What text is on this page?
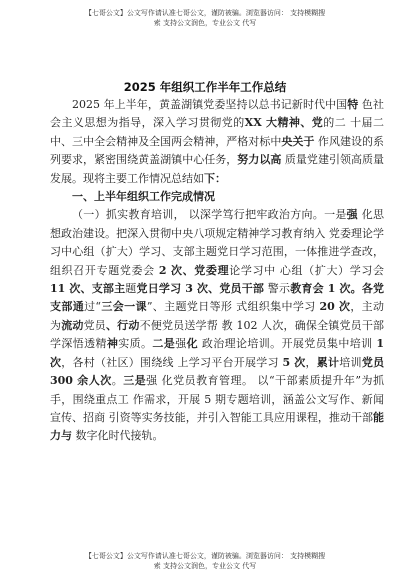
【七哥公文】公文写作请认准七哥公文，谨防被骗。浏览器访问： 支持模糊搜
索 支持公文润色，专业公文 代写
2025 年组织工作半年工作总结

2025 年上半年，黄盖湖镇党委坚持以总书记新时代中国特 色社会主义思想为指导，深入学习贯彻党的XX 大精神、党的二 十届二中、三中全会精神及全国两会精神，严格对标中央关于 作风建设的系列要求，紧密围绕黄盖湖镇中心任务，努力以高 质量党建引领高质量发展。现将主要工作情况总结如下：

一、上半年组织工作完成情况

（一）抓实教育培训， 以深学笃行把牢政治方向。一是强 化思想政治建设。把深入贯彻中央八项规定精神学习教育纳入 党委理论学习中心组（扩大）学习、支部主题党日学习范围，一体推进学查改，组织召开专题党委会 2 次、党委理论学习中 心组（扩大）学习会 11 次、支部主题党日学习 3 次、党员干部 警示教育会 1 次。各党支部通过“三会一课”、主题党日等形 式组织集中学习 20 次，主动为流动党员、行动不便党员送学帮 教 102 人次，确保全镇党员干部学深悟透精神实质。二是强化 政治理论培训。开展党员集中培训 1 次，各村（社区）围绕线 上学习平台开展学习 5 次，累计培训党员 300 余人次。三是强 化党员教育管理。 以“干部素质提升年”为抓手，围绕重点工 作需求，开展 5 期专题培训，涵盖公文写作、新闻宣传、招商 引资等实务技能，并引入智能工具应用课程，推动干部能力与 数字化时代接轨。

【七哥公文】公文写作请认准七哥公文，谨防被骗。浏览器访问： 支持模糊搜
索 支持公文润色，专业公文 代写
